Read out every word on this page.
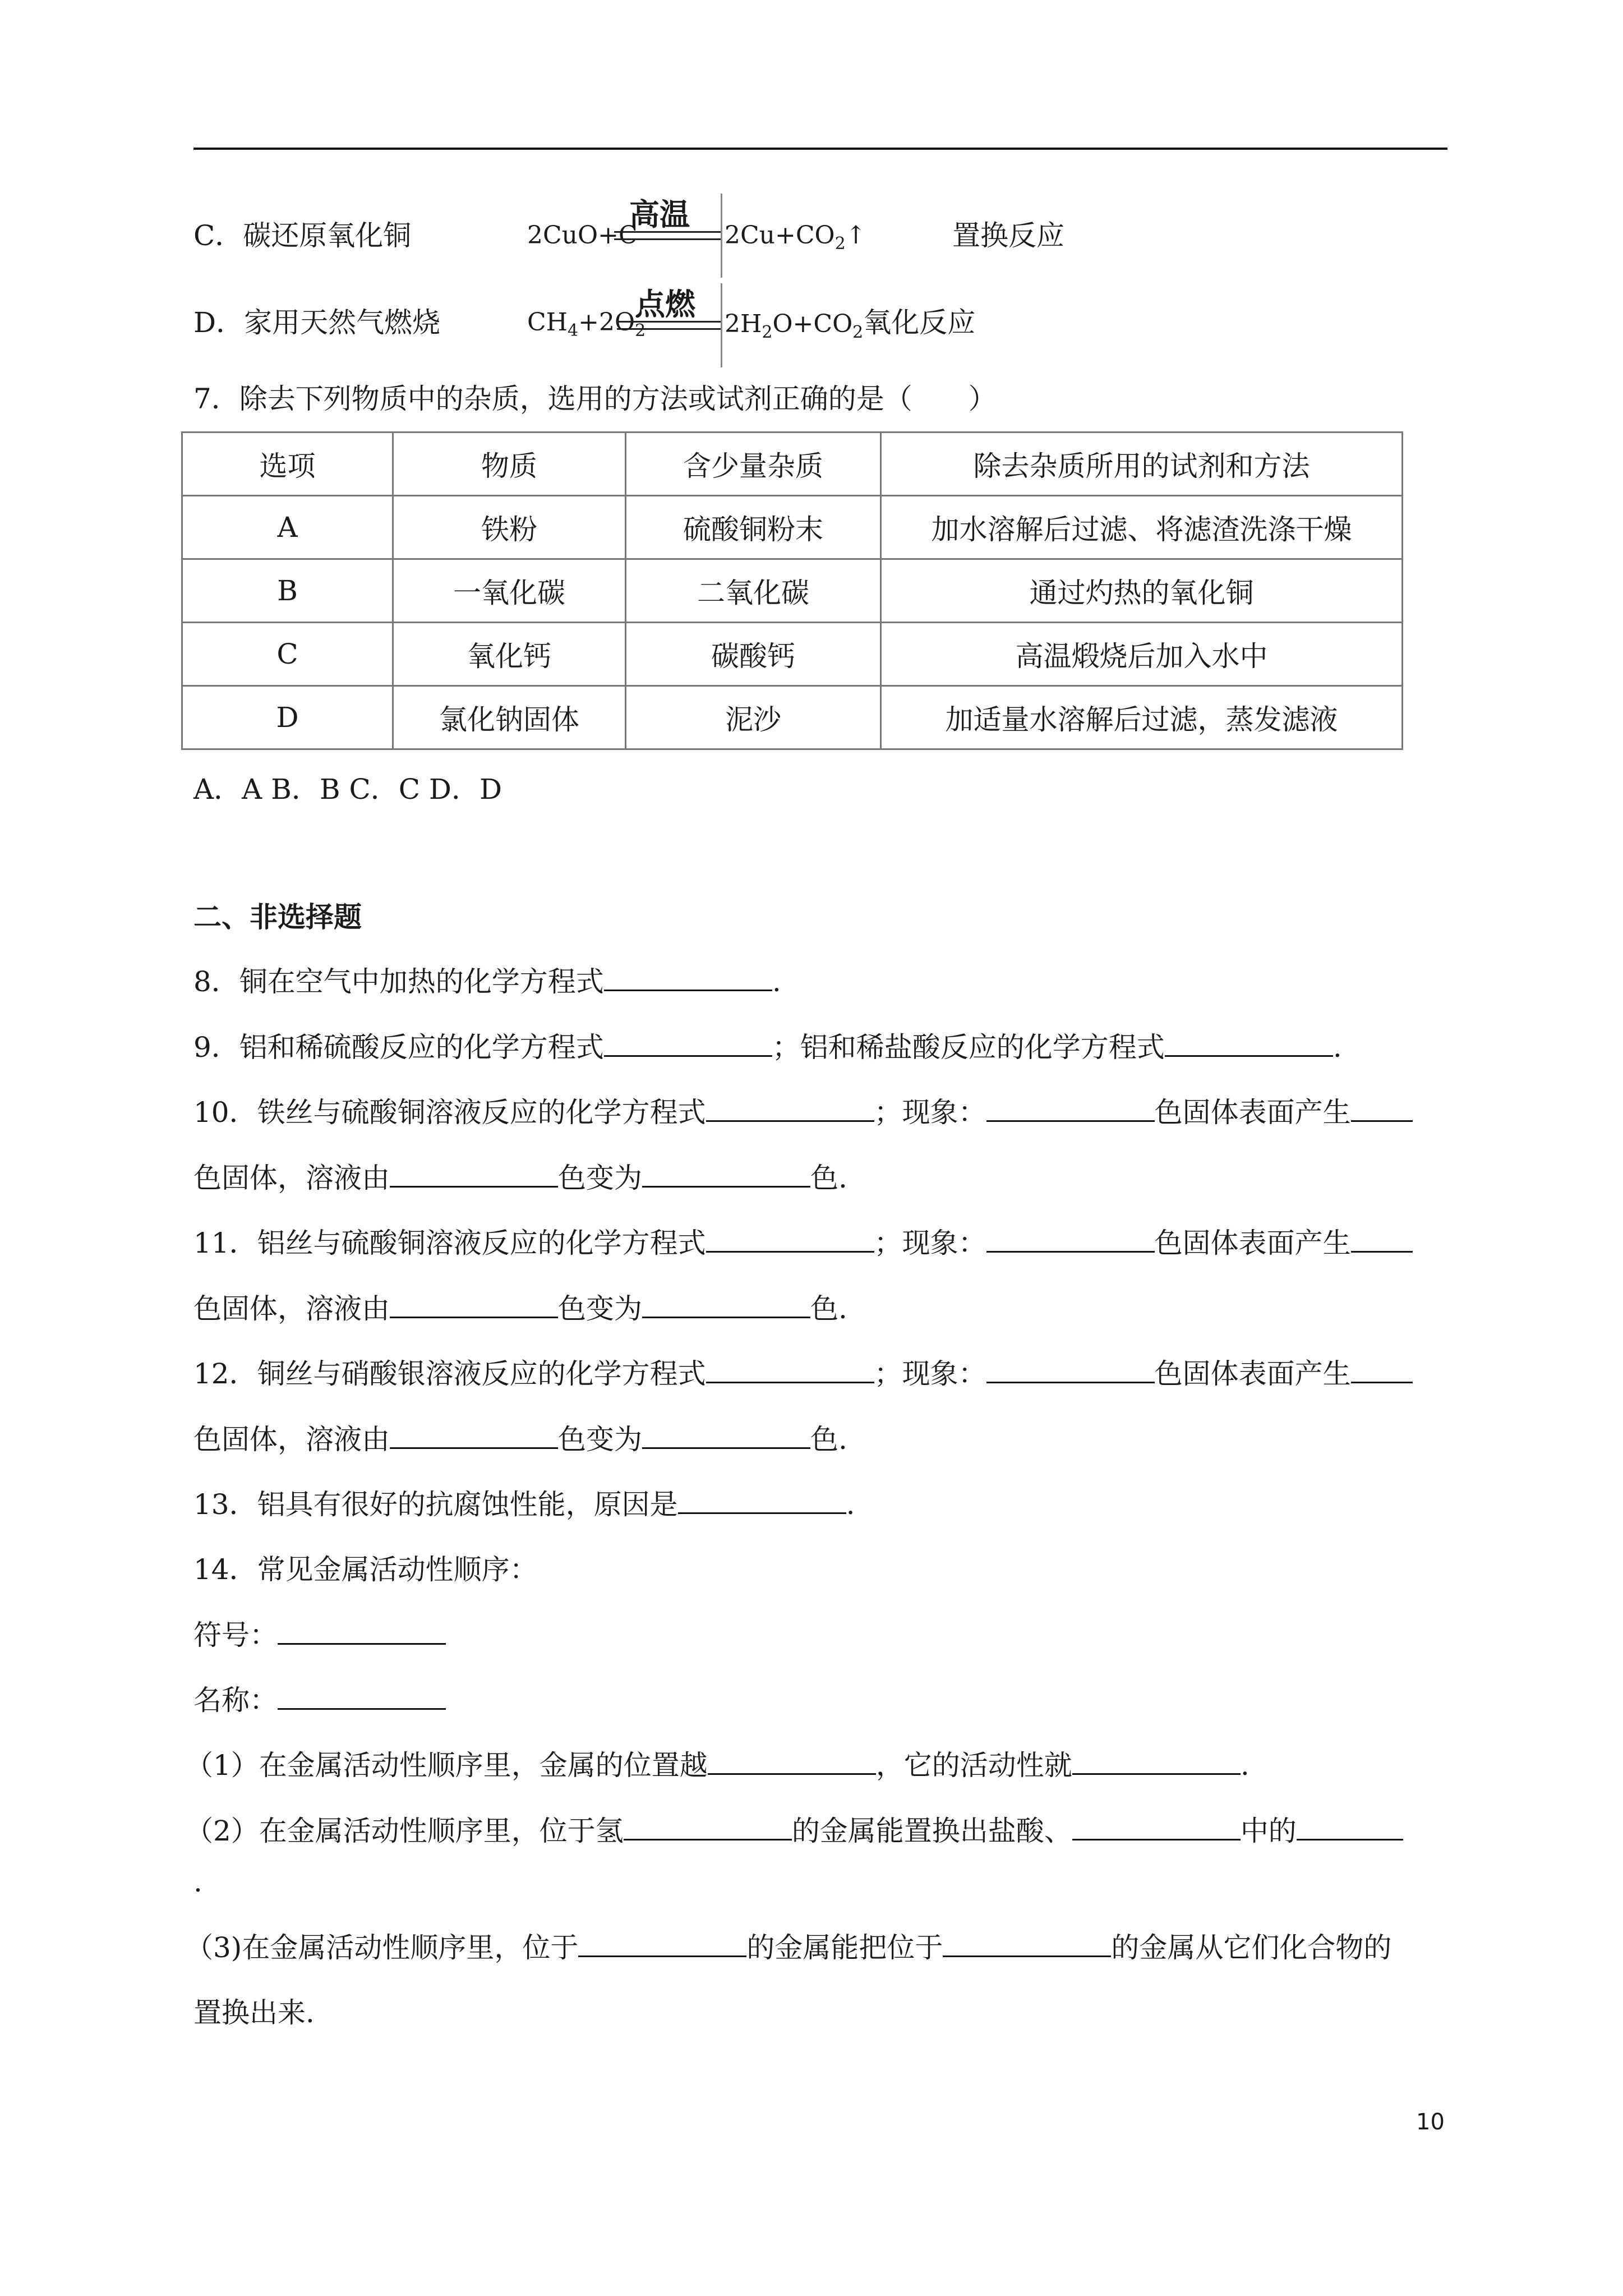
C．碳还原氧化铜	2CuO+C
高温
$2Cu+CO_2↑$	置换反应
D．家用天然气燃烧	$CH_4+2O_2$
点燃
$2H_2O+CO_2$氧化反应
7．除去下列物质中的杂质，选用的方法或试剂正确的是（　　）
选项	物质	含少量杂质	除去杂质所用的试剂和方法
A	铁粉	硫酸铜粉末	加水溶解后过滤、将滤渣洗涤干燥
B	一氧化碳	二氧化碳	通过灼热的氧化铜
C	氧化钙	碳酸钙	高温煅烧后加入水中
D	氯化钠固体	泥沙	加适量水溶解后过滤，蒸发滤液
A．A B．B C．C D．D
二、非选择题
8．铜在空气中加热的化学方程式	.
9．铝和稀硫酸反应的化学方程式	；铝和稀盐酸反应的化学方程式	.
10．铁丝与硫酸铜溶液反应的化学方程式	；现象：	色固体表面产生
色固体，溶液由	色变为	色.
11．铝丝与硫酸铜溶液反应的化学方程式	；现象：	色固体表面产生
色固体，溶液由	色变为	色.
12．铜丝与硝酸银溶液反应的化学方程式	；现象：	色固体表面产生
色固体，溶液由	色变为	色.
13．铝具有很好的抗腐蚀性能，原因是	.
14．常见金属活动性顺序：
符号：
名称：
（1）在金属活动性顺序里，金属的位置越	，它的活动性就	.
（2）在金属活动性顺序里，位于氢	的金属能置换出盐酸、	中的
.
（3)在金属活动性顺序里，位于	的金属能把位于	的金属从它们化合物的
置换出来.
10
